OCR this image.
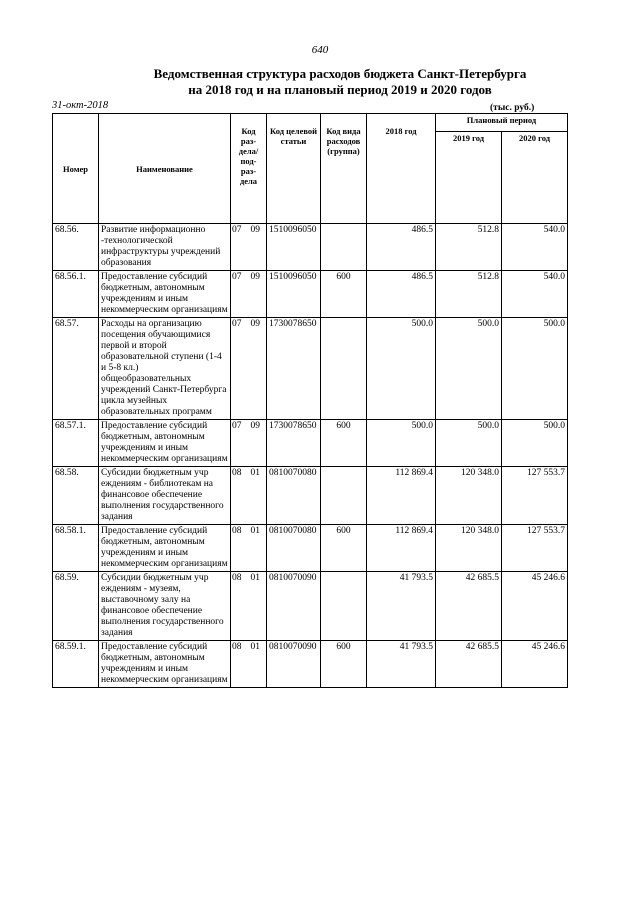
640
Ведомственная структура расходов бюджета Санкт-Петербурга
на 2018 год и на плановый период 2019 и 2020 годов
31-окт-2018	(тыс. руб.)
Номер	Наименование	Код раз-дела/ под-раз-дела	Код целевой статьи	Код вида расходов (группа)	2018 год	Плановый период	
						2019 год	2020 год
68.56.	Развитие информационно -технологической инфраструктуры учреждений образования	07 09	1510096050		486.5	512.8	540.0
68.56.1.	Предоставление субсидий бюджетным, автономным учреждениям и иным некоммерческим организациям	07 09	1510096050	600	486.5	512.8	540.0
68.57.	Расходы на организацию посещения обучающимися первой и второй образовательной ступени (1-4 и 5-8 кл.) общеобразовательных учреждений Санкт-Петербурга цикла музейных образовательных программ	07 09	1730078650		500.0	500.0	500.0
68.57.1.	Предоставление субсидий бюджетным, автономным учреждениям и иным некоммерческим организациям	07 09	1730078650	600	500.0	500.0	500.0
68.58.	Субсидии бюджетным учр еждениям - библиотекам на финансовое обеспечение выполнения государственного задания	08 01	0810070080		112 869.4	120 348.0	127 553.7
68.58.1.	Предоставление субсидий бюджетным, автономным учреждениям и иным некоммерческим организациям	08 01	0810070080	600	112 869.4	120 348.0	127 553.7
68.59.	Субсидии бюджетным учр еждениям - музеям, выставочному залу на финансовое обеспечение выполнения государственного задания	08 01	0810070090		41 793.5	42 685.5	45 246.6
68.59.1.	Предоставление субсидий бюджетным, автономным учреждениям и иным некоммерческим организациям	08 01	0810070090	600	41 793.5	42 685.5	45 246.6
